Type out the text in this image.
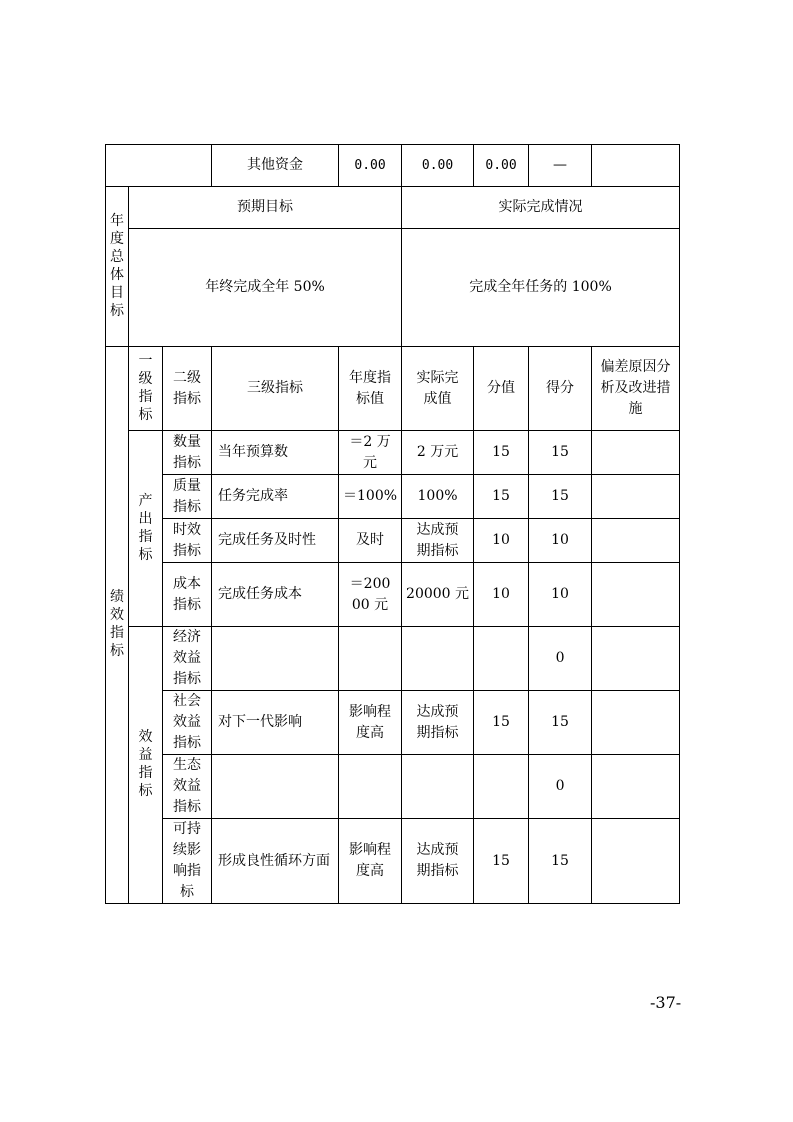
			其他资金	0.00	0.00	0.00	—		
年度总体目标	预期目标				实际完成情况				
	年终完成全年 50%				完成全年任务的 100%				
绩效指标	一级指标	二级指标	三级指标	年度指标值	实际完成值	分值	得分	偏差原因分析及改进措施	

	产出指标	数量指标	当年预算数	＝2 万元	2 万元	15	15		

		质量指标	任务完成率	＝100%	100%	15	15		

		时效指标	完成任务及时性	及时	达成预期指标	10	10		

		成本指标	完成任务成本	＝20000 元	20000 元	10	10		
	效益指标	经济效益指标					0		

		社会效益指标	对下一代影响	影响程度高	达成预期指标	15	15		

		生态效益指标					0		

		可持续影响指标	形成良性循环方面	影响程度高	达成预期指标	15	15		
-37-
